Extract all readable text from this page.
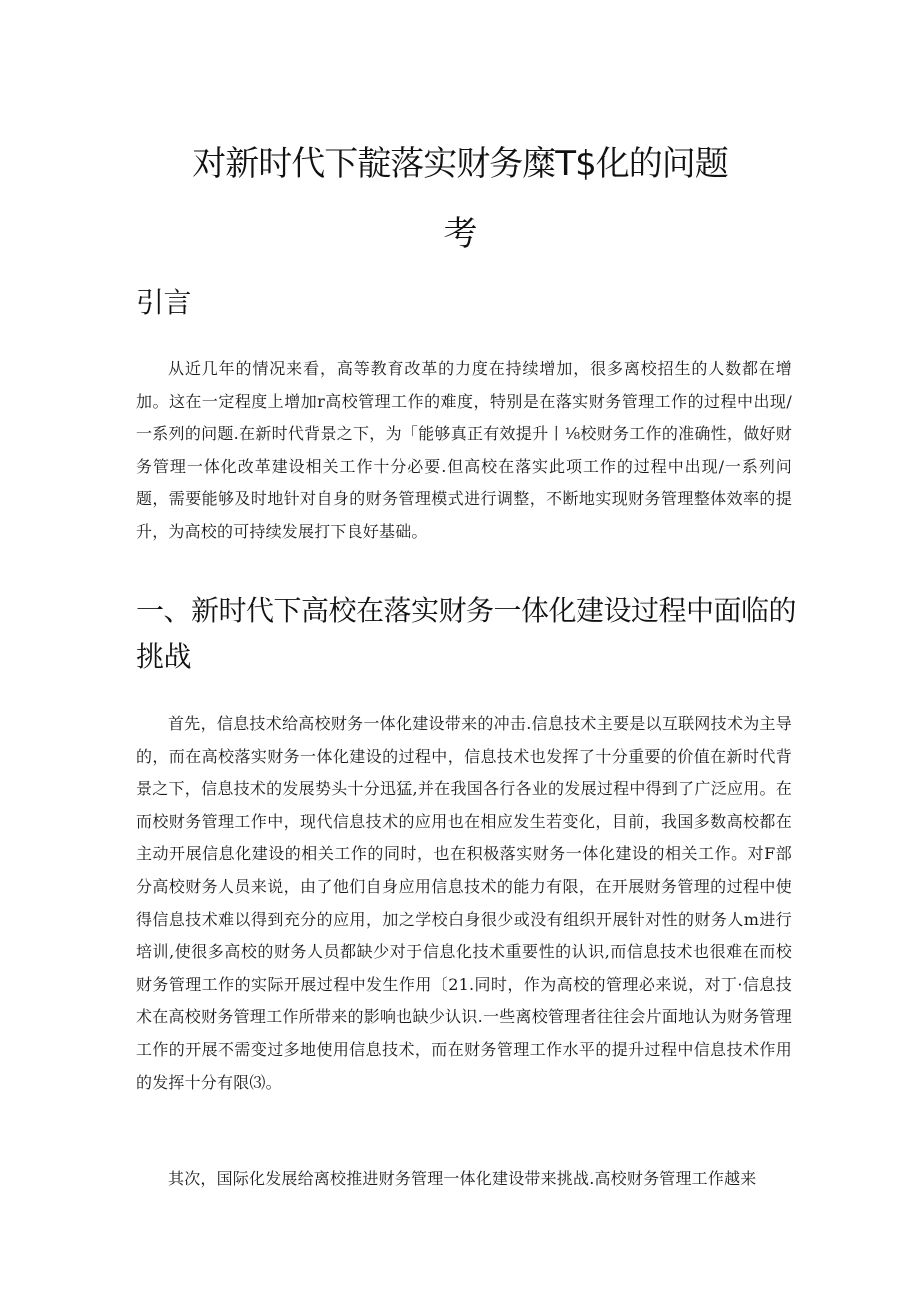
对新时代下靛落实财务糜T$化的问题
考
引言

从近几年的情况来看，高等教育改革的力度在持续增加，很多离校招生的人数都在增加。这在一定程度上增加r高校管理工作的难度，特别是在落实财务管理工作的过程中出现/一系列的问题.在新时代背景之下，为「能够真正有效提升丨⅛校财务工作的准确性，做好财务管理一体化改革建设相关工作十分必要.但高校在落实此项工作的过程中出现/一系列问题，需要能够及时地针对自身的财务管理模式进行调整，不断地实现财务管理整体效率的提升，为高校的可持续发展打下良好基础。

一、新时代下高校在落实财务一体化建设过程中面临的挑战

首先，信息技术给高校财务一体化建设带来的冲击.信息技术主要是以互联网技术为主导的，而在高校落实财务一体化建设的过程中，信息技术也发挥了十分重要的价值在新时代背景之下，信息技术的发展势头十分迅猛,并在我国各行各业的发展过程中得到了广泛应用。在而校财务管理工作中，现代信息技术的应用也在相应发生若变化，目前，我国多数高校都在主动开展信息化建设的相关工作的同时，也在积极落实财务一体化建设的相关工作。对F部分高校财务人员来说，由了他们自身应用信息技术的能力有限，在开展财务管理的过程中使得信息技术难以得到充分的应用，加之学校白身很少或没有组织开展针对性的财务人m进行培训,使很多高校的财务人员都缺少对于信息化技术重要性的认识,而信息技术也很难在而校财务管理工作的实际开展过程中发生作用〔21.同时，作为高校的管理必来说，对丁·信息技术在高校财务管理工作所带来的影响也缺少认识.一些离校管理者往往会片面地认为财务管理工作的开展不需变过多地使用信息技术，而在财务管理工作水平的提升过程中信息技术作用的发挥十分有限⑶。

其次，国际化发展给离校推进财务管理一体化建设带来挑战.高校财务管理工作越来
